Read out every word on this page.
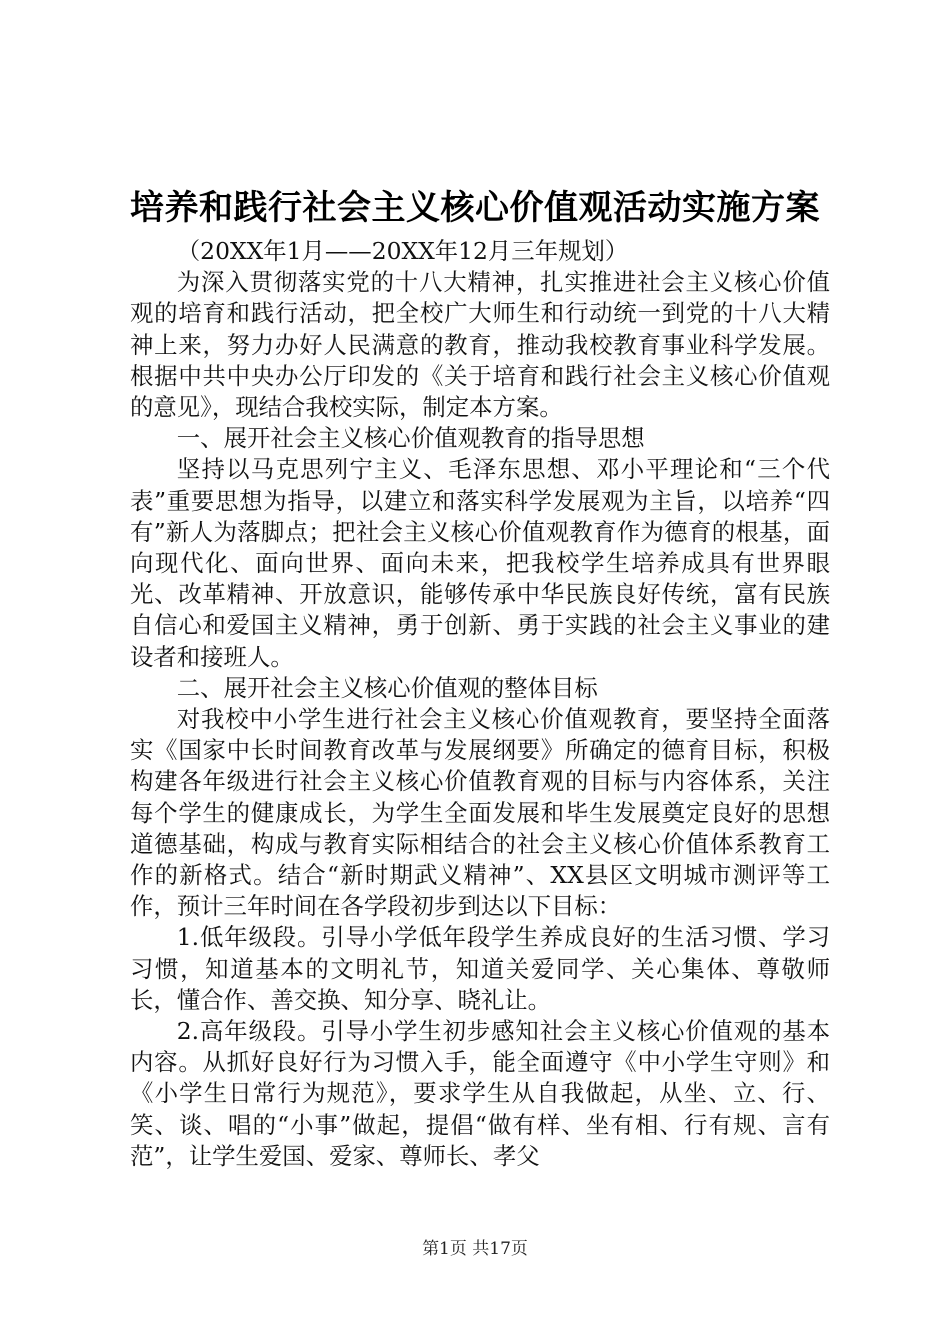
培养和践行社会主义核心价值观活动实施方案

（20XX年1月——20XX年12月三年规划）

为深入贯彻落实党的十八大精神，扎实推进社会主义核心价值观的培育和践行活动，把全校广大师生和行动统一到党的十八大精神上来，努力办好人民满意的教育，推动我校教育事业科学发展。根据中共中央办公厅印发的《关于培育和践行社会主义核心价值观的意见》，现结合我校实际，制定本方案。

一、展开社会主义核心价值观教育的指导思想

坚持以马克思列宁主义、毛泽东思想、邓小平理论和“三个代表”重要思想为指导，以建立和落实科学发展观为主旨，以培养“四有”新人为落脚点；把社会主义核心价值观教育作为德育的根基，面向现代化、面向世界、面向未来，把我校学生培养成具有世界眼光、改革精神、开放意识，能够传承中华民族良好传统，富有民族自信心和爱国主义精神，勇于创新、勇于实践的社会主义事业的建设者和接班人。

二、展开社会主义核心价值观的整体目标

对我校中小学生进行社会主义核心价值观教育，要坚持全面落实《国家中长时间教育改革与发展纲要》所确定的德育目标，积极构建各年级进行社会主义核心价值教育观的目标与内容体系，关注每个学生的健康成长，为学生全面发展和毕生发展奠定良好的思想道德基础，构成与教育实际相结合的社会主义核心价值体系教育工作的新格式。结合“新时期武义精神”、XX县区文明城市测评等工作，预计三年时间在各学段初步到达以下目标：

1.低年级段。引导小学低年段学生养成良好的生活习惯、学习习惯，知道基本的文明礼节，知道关爱同学、关心集体、尊敬师长，懂合作、善交换、知分享、晓礼让。

2.高年级段。引导小学生初步感知社会主义核心价值观的基本内容。从抓好良好行为习惯入手，能全面遵守《中小学生守则》和《小学生日常行为规范》，要求学生从自我做起，从坐、立、行、笑、谈、唱的“小事”做起，提倡“做有样、坐有相、行有规、言有范”，让学生爱国、爱家、尊师长、孝父

第1页 共17页
